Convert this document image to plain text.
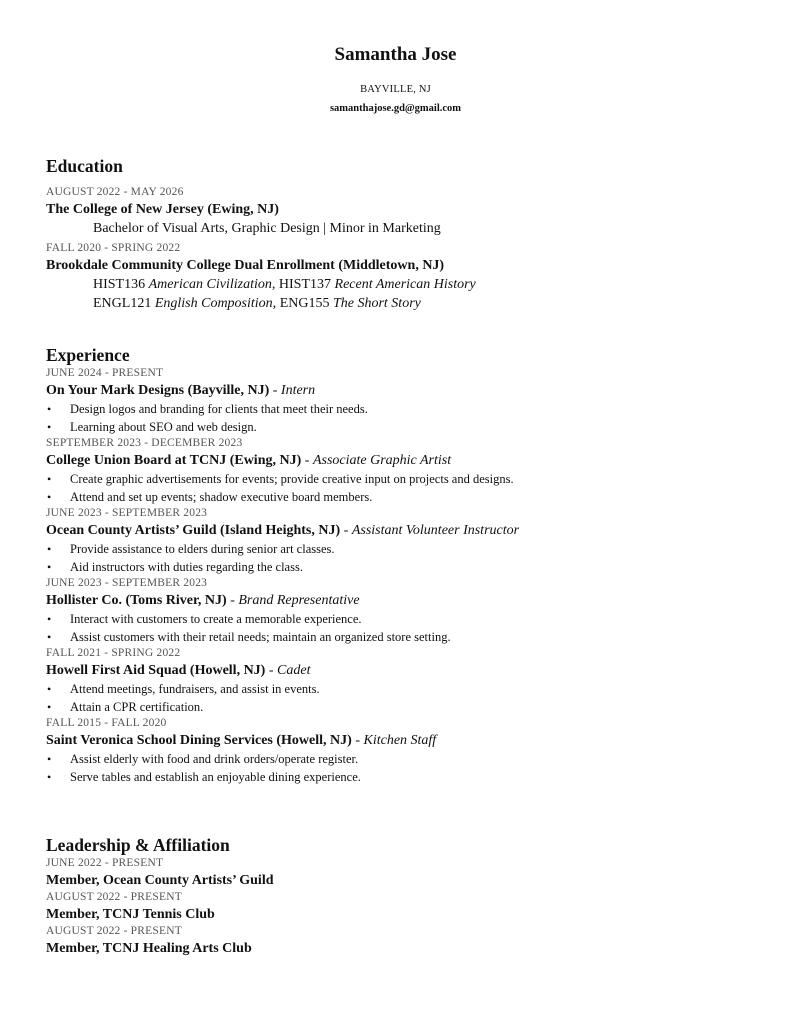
Samantha Jose
BAYVILLE, NJ
samanthajose.gd@gmail.com
Education
AUGUST 2022 - MAY 2026
The College of New Jersey (Ewing, NJ)
Bachelor of Visual Arts, Graphic Design | Minor in Marketing
FALL 2020 - SPRING 2022
Brookdale Community College Dual Enrollment (Middletown, NJ)
HIST136 American Civilization, HIST137 Recent American History
ENGL121 English Composition, ENG155 The Short Story
Experience
JUNE 2024 - PRESENT
On Your Mark Designs (Bayville, NJ) - Intern
• Design logos and branding for clients that meet their needs.
• Learning about SEO and web design.
SEPTEMBER 2023 - DECEMBER 2023
College Union Board at TCNJ (Ewing, NJ) - Associate Graphic Artist
• Create graphic advertisements for events; provide creative input on projects and designs.
• Attend and set up events; shadow executive board members.
JUNE 2023 - SEPTEMBER 2023
Ocean County Artists’ Guild (Island Heights, NJ) - Assistant Volunteer Instructor
• Provide assistance to elders during senior art classes.
• Aid instructors with duties regarding the class.
JUNE 2023 - SEPTEMBER 2023
Hollister Co. (Toms River, NJ) - Brand Representative
• Interact with customers to create a memorable experience.
• Assist customers with their retail needs; maintain an organized store setting.
FALL 2021 - SPRING 2022
Howell First Aid Squad (Howell, NJ) - Cadet
• Attend meetings, fundraisers, and assist in events.
• Attain a CPR certification.
FALL 2015 - FALL 2020
Saint Veronica School Dining Services (Howell, NJ) - Kitchen Staff
• Assist elderly with food and drink orders/operate register.
• Serve tables and establish an enjoyable dining experience.
Leadership & Affiliation
JUNE 2022 - PRESENT
Member, Ocean County Artists’ Guild
AUGUST 2022 - PRESENT
Member, TCNJ Tennis Club
AUGUST 2022 - PRESENT
Member, TCNJ Healing Arts Club
